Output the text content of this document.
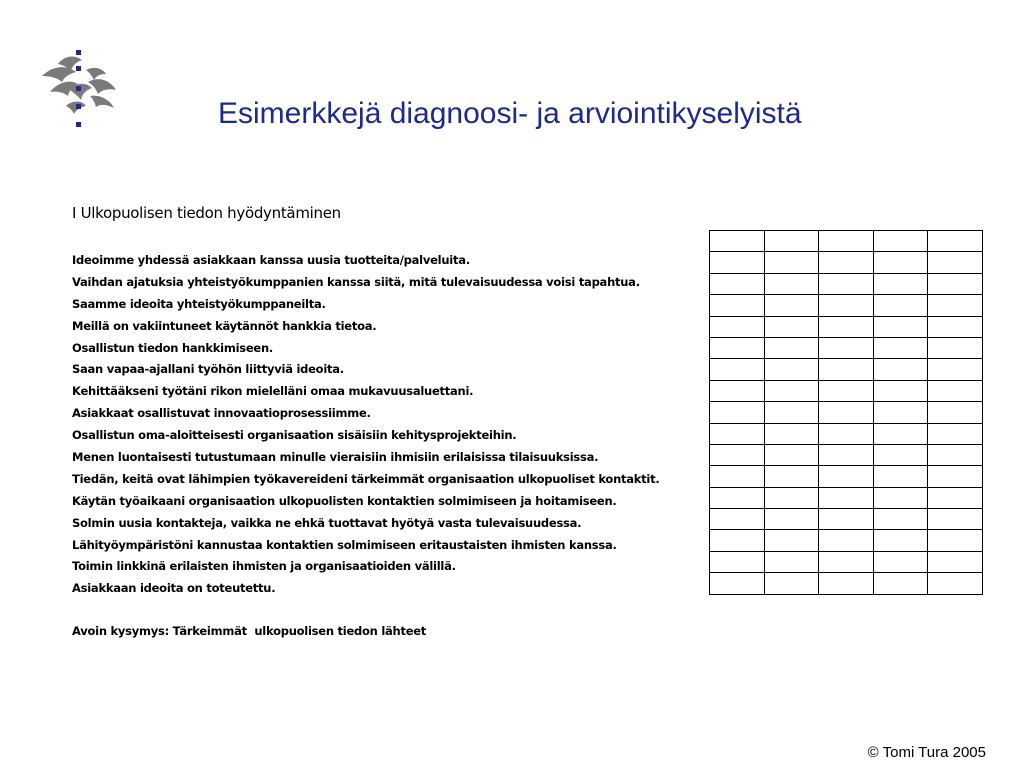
Esimerkkejä diagnoosi- ja arviointikyselyistä
I Ulkopuolisen tiedon hyödyntäminen
Ideoimme yhdessä asiakkaan kanssa uusia tuotteita/palveluita.
Vaihdan ajatuksia yhteistyökumppanien kanssa siitä, mitä tulevaisuudessa voisi tapahtua.
Saamme ideoita yhteistyökumppaneilta.
Meillä on vakiintuneet käytännöt hankkia tietoa.
Osallistun tiedon hankkimiseen.
Saan vapaa-ajallani työhön liittyviä ideoita.
Kehittääkseni työtäni rikon mielelläni omaa mukavuusaluettani.
Asiakkaat osallistuvat innovaatioprosessiimme.
Osallistun oma-aloitteisesti organisaation sisäisiin kehitysprojekteihin.
Menen luontaisesti tutustumaan minulle vieraisiin ihmisiin erilaisissa tilaisuuksissa.
Tiedän, keitä ovat lähimpien työkavereideni tärkeimmät organisaation ulkopuoliset kontaktit.
Käytän työaikaani organisaation ulkopuolisten kontaktien solmimiseen ja hoitamiseen.
Solmin uusia kontakteja, vaikka ne ehkä tuottavat hyötyä vasta tulevaisuudessa.
Lähityöympäristöni kannustaa kontaktien solmimiseen eritaustaisten ihmisten kanssa.
Toimin linkkinä erilaisten ihmisten ja organisaatioiden välillä.
Asiakkaan ideoita on toteutettu.

Avoin kysymys: Tärkeimmät  ulkopuolisen tiedon lähteet

© Tomi Tura 2005
